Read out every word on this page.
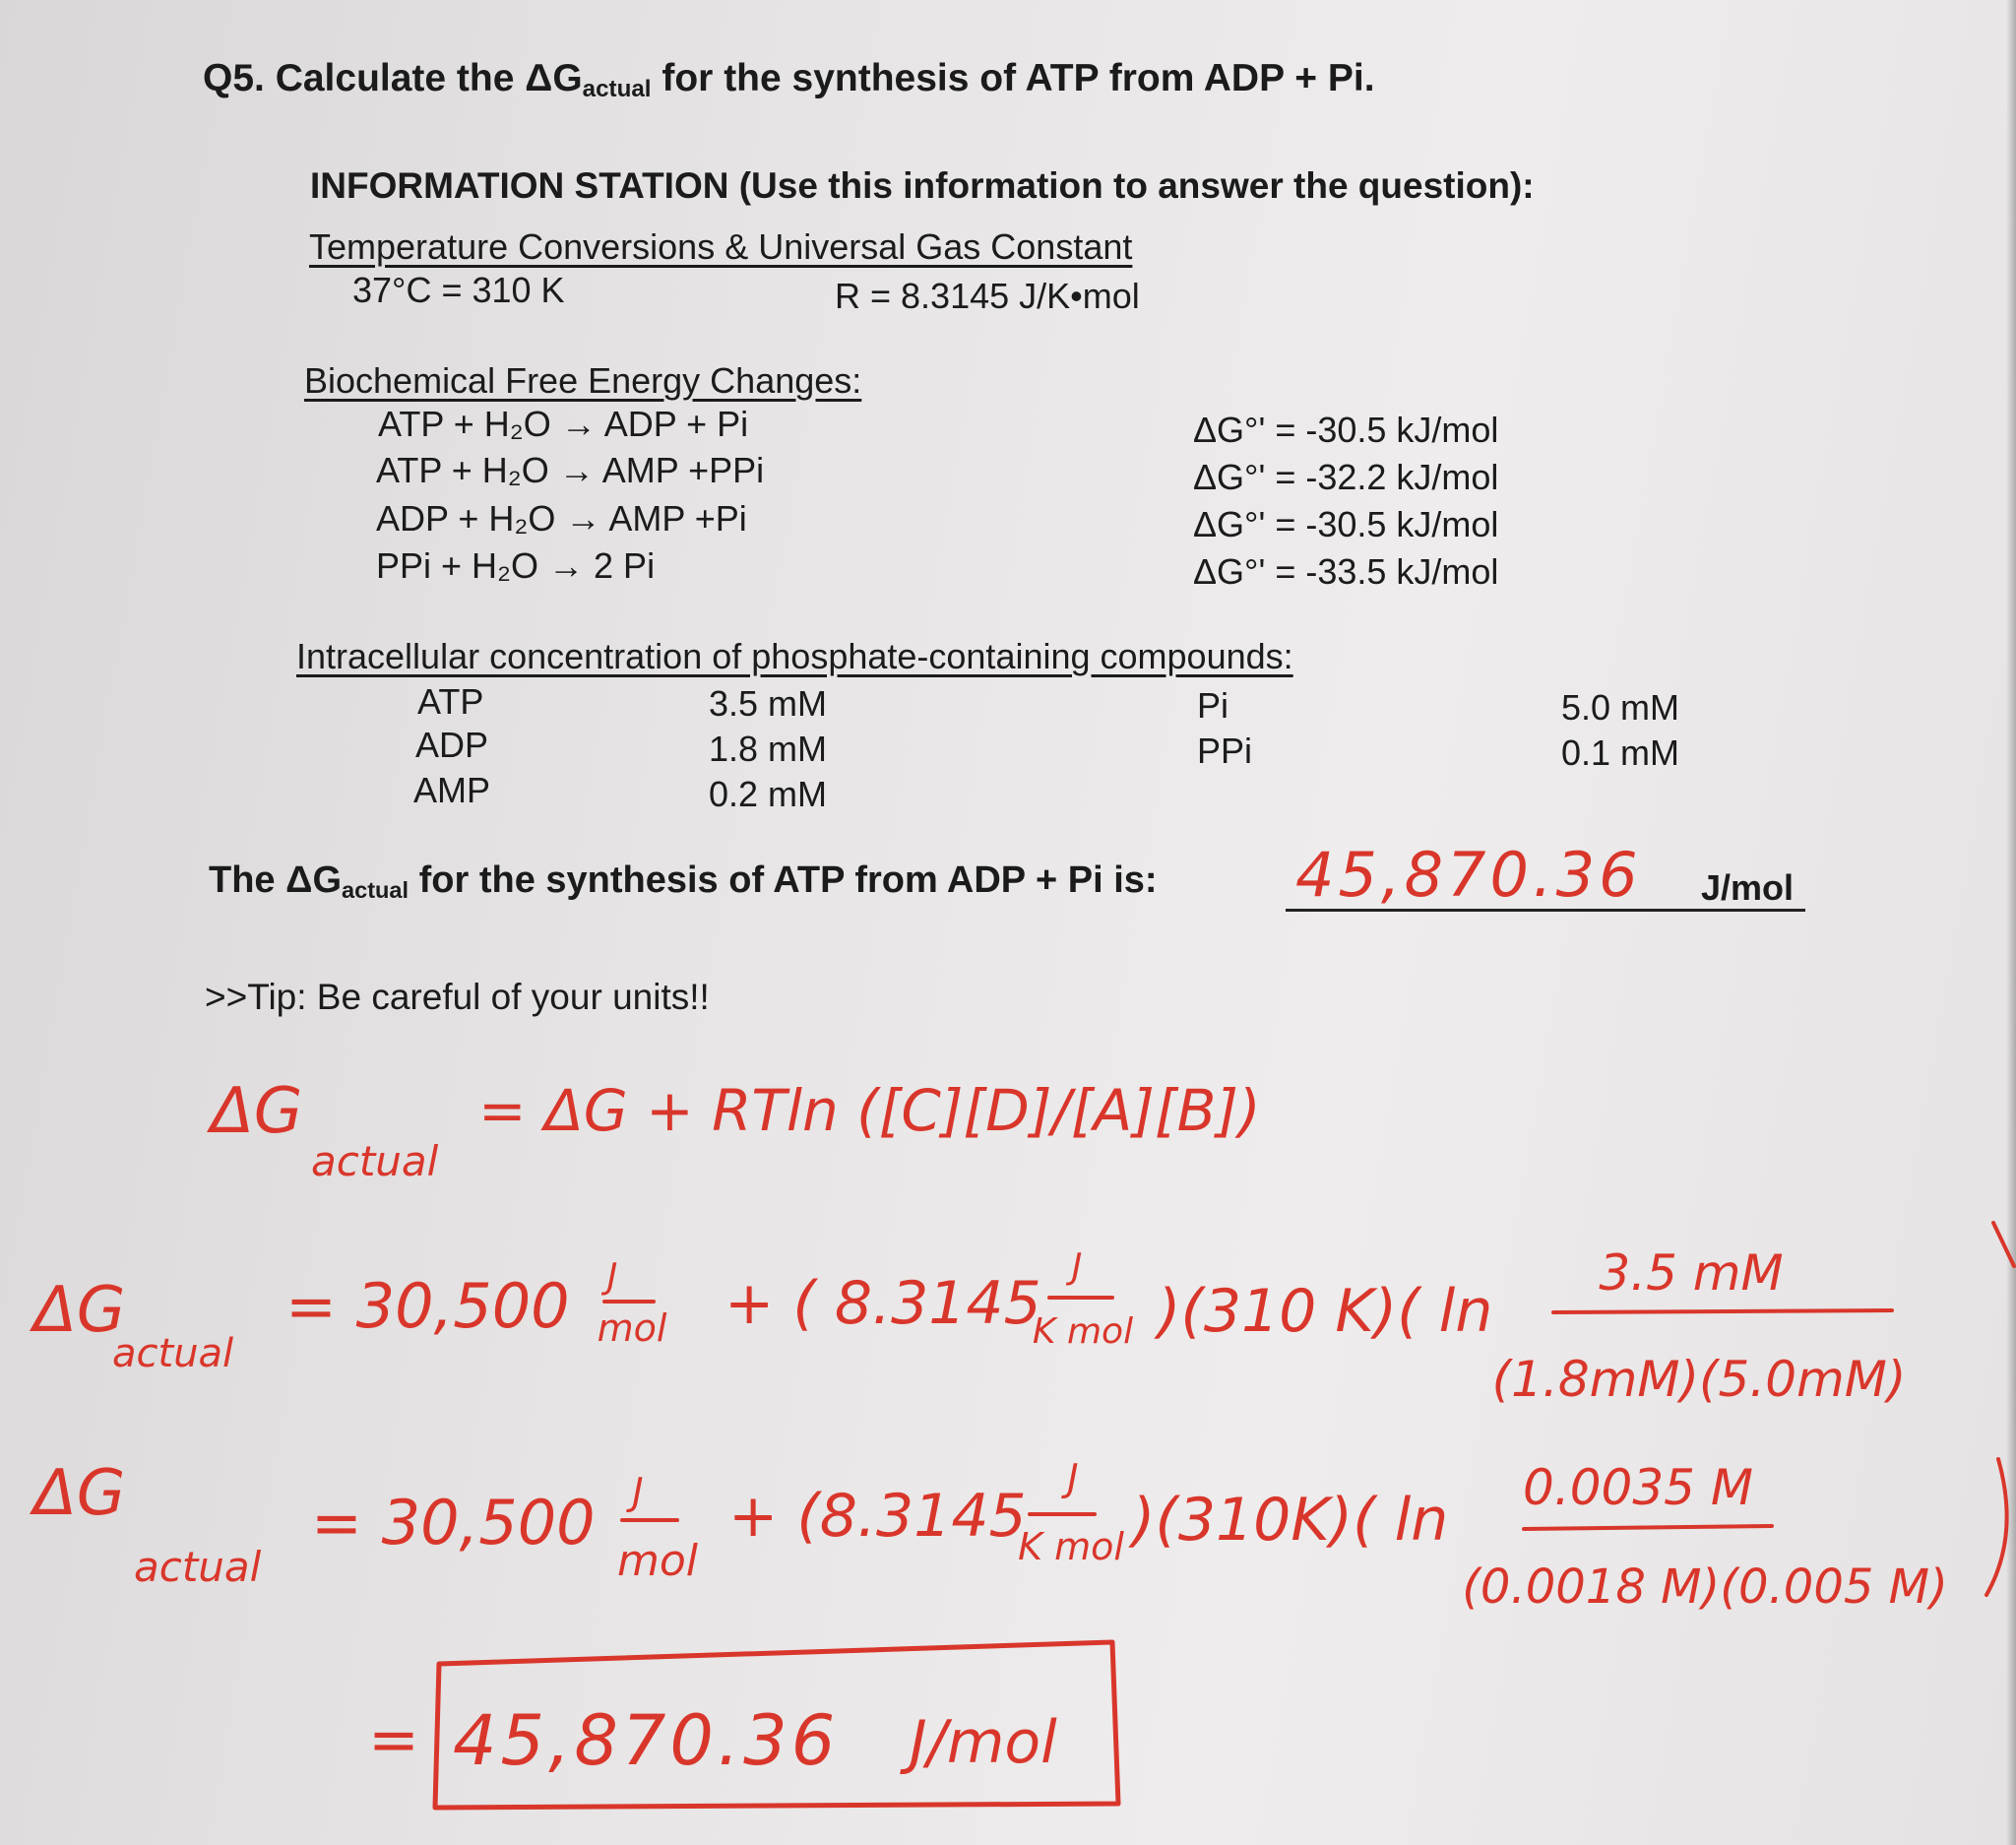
Q5. Calculate the $\Delta G_{actual}$ for the synthesis of ATP from ADP + Pi.
INFORMATION STATION (Use this information to answer the question):
Temperature Conversions & Universal Gas Constant
37°C = 310 K	R = 8.3145 J/K•mol
Biochemical Free Energy Changes:
ATP + H₂O → ADP + Pi	ΔG°' = -30.5 kJ/mol
ATP + H₂O → AMP +PPi	ΔG°' = -32.2 kJ/mol
ADP + H₂O → AMP +Pi	ΔG°' = -30.5 kJ/mol
PPi + H₂O → 2 Pi	ΔG°' = -33.5 kJ/mol
Intracellular concentration of phosphate-containing compounds:
ATP	3.5 mM
ADP	1.8 mM
AMP	0.2 mM
Pi	5.0 mM
PPi	0.1 mM
The $\Delta G_{actual}$ for the synthesis of ATP from ADP + Pi is: 45,870.36 J/mol
>>Tip: Be careful of your units!!
ΔG
actual
= ΔG + RTln ([C][D]/[A][B])
ΔG
actual
= 30,500 J
mol + ( 8.3145
J
K mol )(310 K)( ln
3.5 mM
(1.8mM)(5.0mM)
ΔG
actual
= 30,500 J
mol
+ (8.3145
J
K mol )(310K)( ln 0.0035 M
(0.0018 M)(0.005 M)
= 45,870.36 J/mol
